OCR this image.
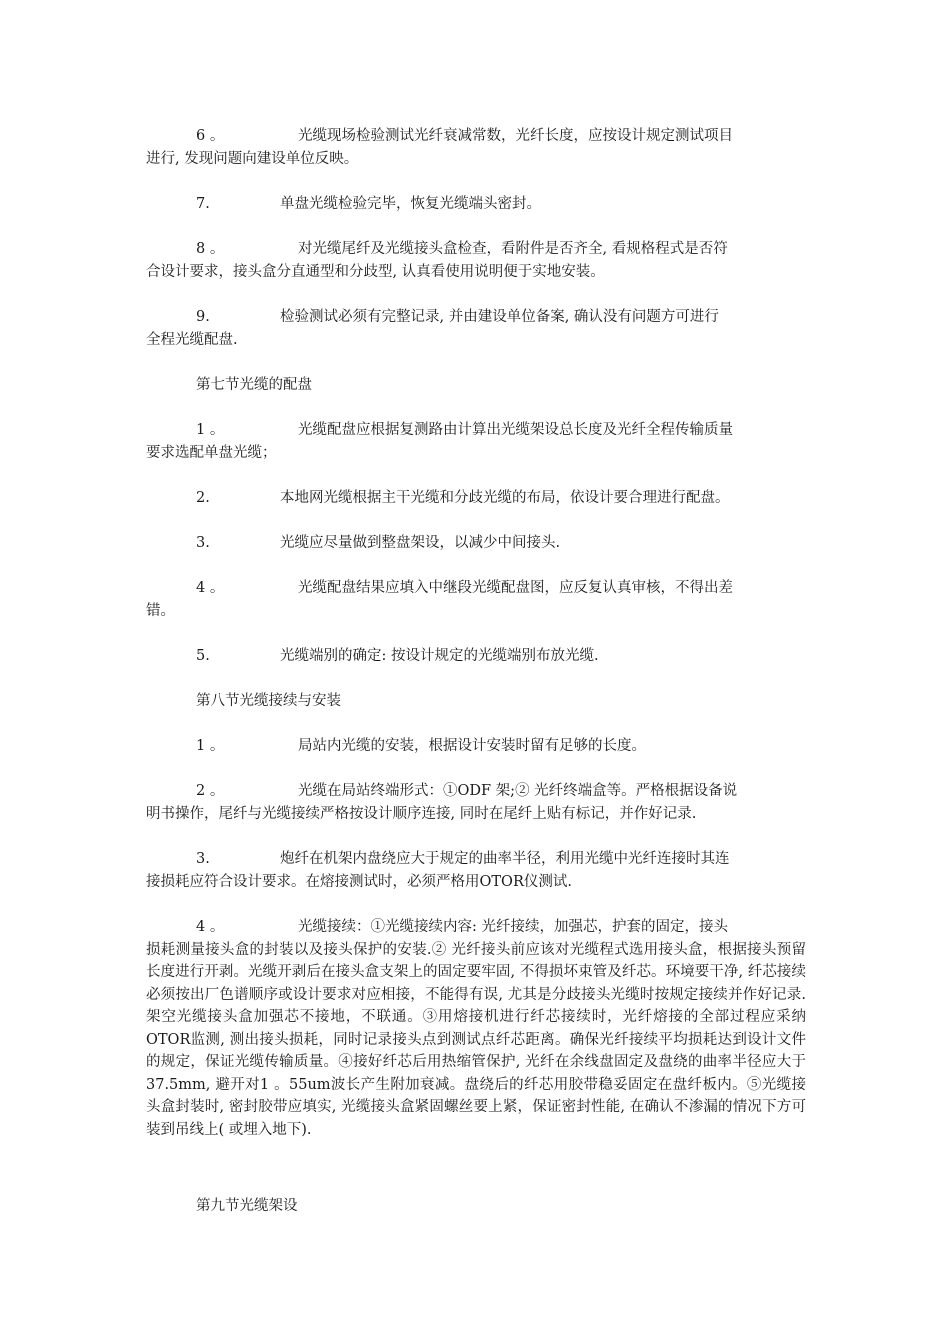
6 。	光缆现场检验测试光纤衰减常数，光纤长度，应按设计规定测试项目
进行, 发现问题向建设单位反映。
7.	单盘光缆检验完毕，恢复光缆端头密封。
8 。	对光缆尾纤及光缆接头盒检查，看附件是否齐全, 看规格程式是否符
合设计要求，接头盒分直通型和分歧型, 认真看使用说明便于实地安装。
9.	检验测试必须有完整记录, 并由建设单位备案, 确认没有问题方可进行
全程光缆配盘.
第七节光缆的配盘
1 。	光缆配盘应根据复测路由计算出光缆架设总长度及光纤全程传输质量
要求选配单盘光缆；
2.	本地网光缆根据主干光缆和分歧光缆的布局，依设计要合理进行配盘。
3.	光缆应尽量做到整盘架设，以减少中间接头.
4 。	光缆配盘结果应填入中继段光缆配盘图，应反复认真审核，不得出差
错。
5.	光缆端别的确定: 按设计规定的光缆端别布放光缆.
第八节光缆接续与安装
1 。	局站内光缆的安装，根据设计安装时留有足够的长度。
2 。	光缆在局站终端形式：①ODF 架;② 光纤终端盒等。严格根据设备说
明书操作，尾纤与光缆接续严格按设计顺序连接, 同时在尾纤上贴有标记，并作好记录.
3.	炮纤在机架内盘绕应大于规定的曲率半径，利用光缆中光纤连接时其连
接损耗应符合设计要求。在熔接测试时，必须严格用OTOR仪测试.
4 。	光缆接续：①光缆接续内容: 光纤接续，加强芯，护套的固定，接头
损耗测量接头盒的封装以及接头保护的安装.② 光纤接头前应该对光缆程式选用接头盒，根据接头预留长度进行开剥。光缆开剥后在接头盒支架上的固定要牢固, 不得损坏束管及纤芯。环境要干净, 纤芯接续必须按出厂色谱顺序或设计要求对应相接，不能得有误, 尤其是分歧接头光缆时按规定接续并作好记录. 架空光缆接头盒加强芯不接地，不联通。③用熔接机进行纤芯接续时，光纤熔接的全部过程应采纳OTOR监测, 测出接头损耗，同时记录接头点到测试点纤芯距离。确保光纤接续平均损耗达到设计文件的规定，保证光缆传输质量。④接好纤芯后用热缩管保护, 光纤在余线盘固定及盘绕的曲率半径应大于37.5mm, 避开对1 。55um波长产生附加衰减。盘绕后的纤芯用胶带稳妥固定在盘纤板内。⑤光缆接头盒封装时, 密封胶带应填实, 光缆接头盒紧固螺丝要上紧，保证密封性能, 在确认不渗漏的情况下方可装到吊线上( 或埋入地下).
第九节光缆架设
